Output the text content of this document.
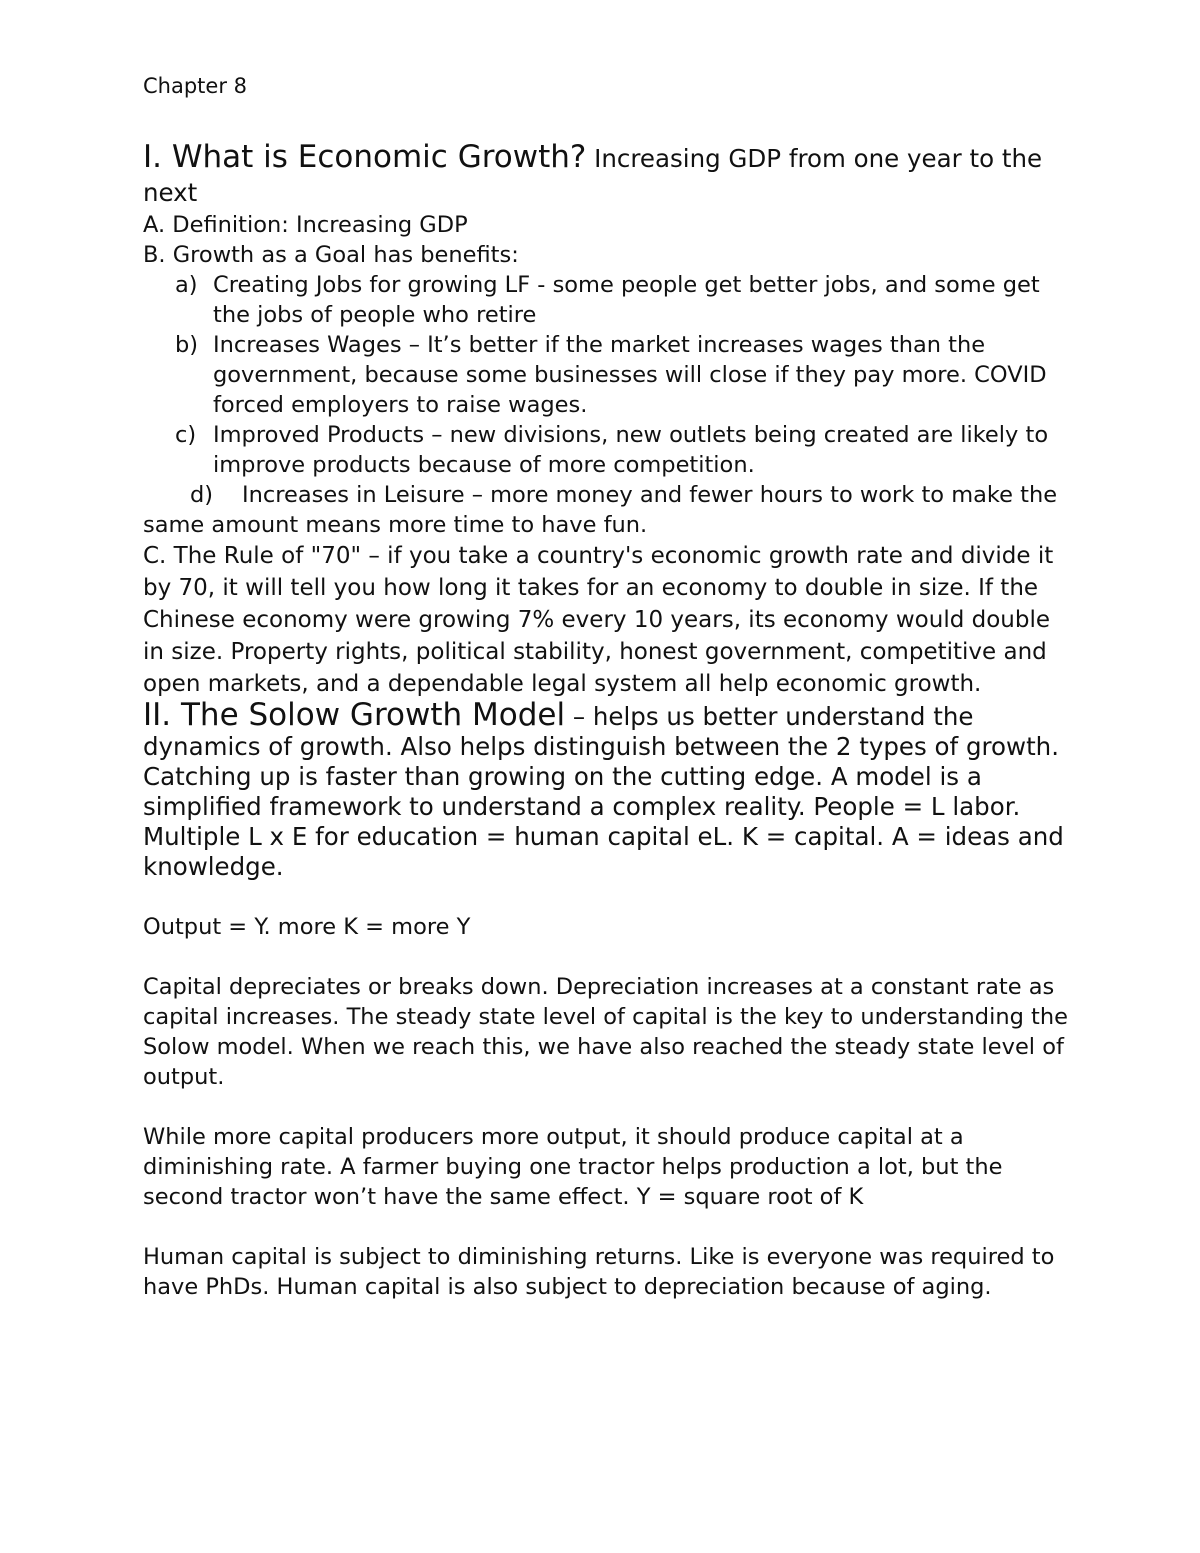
Chapter 8
I. What is Economic Growth? Increasing GDP from one year to the next
A. Definition: Increasing GDP
B. Growth as a Goal has benefits:
a) Creating Jobs for growing LF - some people get better jobs, and some get the jobs of people who retire
b) Increases Wages – It’s better if the market increases wages than the government, because some businesses will close if they pay more. COVID forced employers to raise wages.
c) Improved Products – new divisions, new outlets being created are likely to improve products because of more competition.
d) Increases in Leisure – more money and fewer hours to work to make the same amount means more time to have fun.
C. The Rule of "70" – if you take a country's economic growth rate and divide it by 70, it will tell you how long it takes for an economy to double in size. If the Chinese economy were growing 7% every 10 years, its economy would double in size. Property rights, political stability, honest government, competitive and open markets, and a dependable legal system all help economic growth.
II. The Solow Growth Model – helps us better understand the dynamics of growth. Also helps distinguish between the 2 types of growth. Catching up is faster than growing on the cutting edge. A model is a simplified framework to understand a complex reality. People = L labor. Multiple L x E for education = human capital eL. K = capital. A = ideas and knowledge.
Output = Y. more K = more Y
Capital depreciates or breaks down. Depreciation increases at a constant rate as capital increases. The steady state level of capital is the key to understanding the Solow model. When we reach this, we have also reached the steady state level of output.
While more capital producers more output, it should produce capital at a diminishing rate. A farmer buying one tractor helps production a lot, but the second tractor won’t have the same effect. Y = square root of K
Human capital is subject to diminishing returns. Like is everyone was required to have PhDs. Human capital is also subject to depreciation because of aging.
